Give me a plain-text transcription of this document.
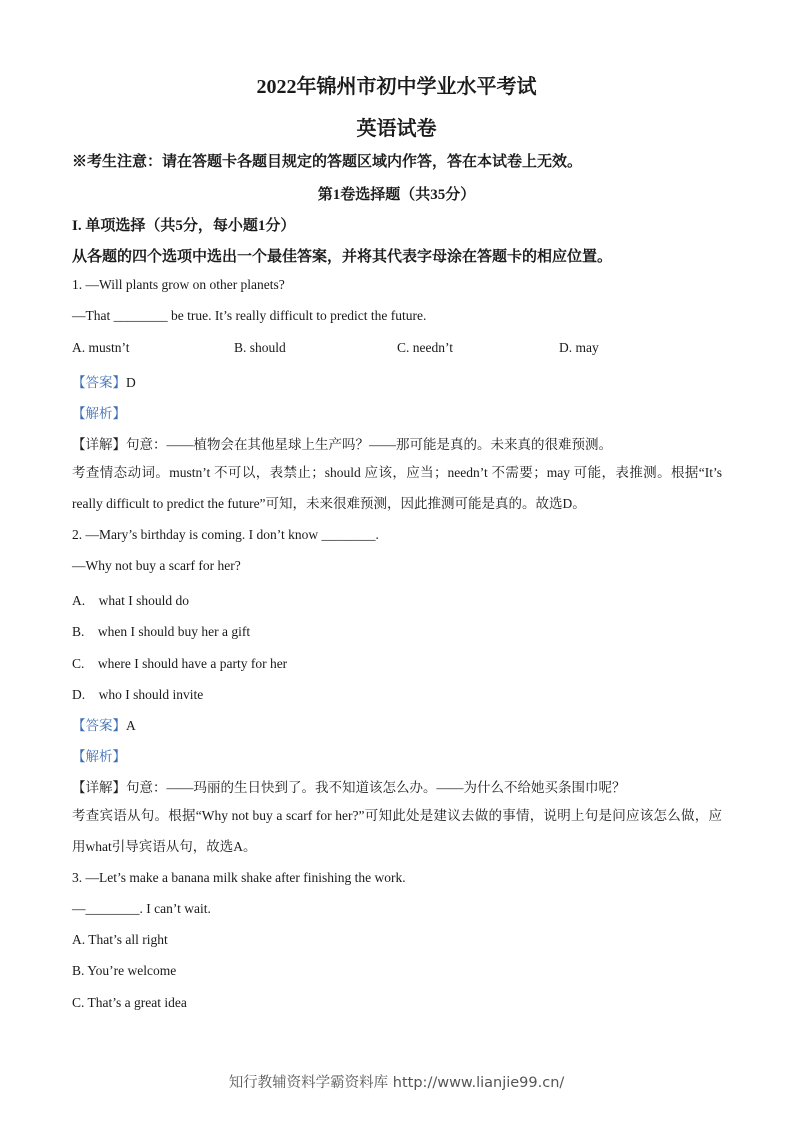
2022年锦州市初中学业水平考试
英语试卷
※考生注意：请在答题卡各题目规定的答题区域内作答，答在本试卷上无效。
第1卷选择题（共35分）
I. 单项选择（共5分，每小题1分）
从各题的四个选项中选出一个最佳答案，并将其代表字母涂在答题卡的相应位置。
1. —Will plants grow on other planets?
—That ________ be true. It’s really difficult to predict the future.
A. mustn’t	B. should	C. needn’t	D. may
【答案】D
【解析】
【详解】句意：——植物会在其他星球上生产吗？——那可能是真的。未来真的很难预测。
考查情态动词。mustn’t 不可以，表禁止；should 应该，应当；needn’t 不需要；may 可能，表推测。根据“It’s really difficult to predict the future”可知，未来很难预测，因此推测可能是真的。故选D。
2. —Mary’s birthday is coming. I don’t know ________.
—Why not buy a scarf for her?
A.　what I should do
B.　when I should buy her a gift
C.　where I should have a party for her
D.　who I should invite
【答案】A
【解析】
【详解】句意：——玛丽的生日快到了。我不知道该怎么办。——为什么不给她买条围巾呢？
考查宾语从句。根据“Why not buy a scarf for her?”可知此处是建议去做的事情，说明上句是问应该怎么做，应用what引导宾语从句，故选A。
3. —Let’s make a banana milk shake after finishing the work.
—________. I can’t wait.
A. That’s all right
B. You’re welcome
C. That’s a great idea
知行教辅资料学霸资料库 http://www.lianjie99.cn/
